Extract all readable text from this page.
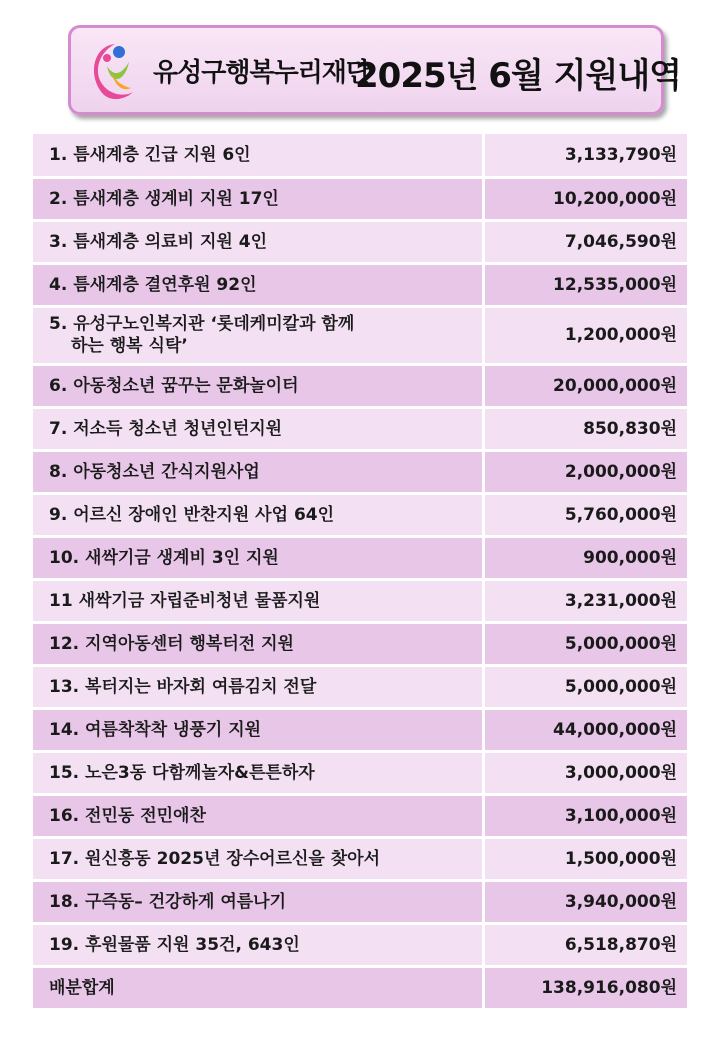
유성구행복누리재단
2025년 6월 지원내역
1. 틈새계층 긴급 지원 6인	3,133,790원
2. 틈새계층 생계비 지원 17인	10,200,000원
3. 틈새계층 의료비 지원 4인	7,046,590원
4. 틈새계층 결연후원 92인	12,535,000원

5. 유성구노인복지관 ‘롯데케미칼과 함께
하는 행복 식탁’	1,200,000원
6. 아동청소년 꿈꾸는 문화놀이터	20,000,000원
7. 저소득 청소년 청년인턴지원	850,830원
8. 아동청소년 간식지원사업	2,000,000원
9. 어르신 장애인 반찬지원 사업 64인	5,760,000원
10. 새싹기금 생계비 3인 지원	900,000원
11 새싹기금 자립준비청년 물품지원	3,231,000원
12. 지역아동센터 행복터전 지원	5,000,000원
13. 복터지는 바자회 여름김치 전달	5,000,000원
14. 여름착착착 냉풍기 지원	44,000,000원
15. 노은3동 다함께놀자&튼튼하자	3,000,000원
16. 전민동 전민애찬	3,100,000원
17. 원신흥동 2025년 장수어르신을 찾아서	1,500,000원
18. 구즉동– 건강하게 여름나기	3,940,000원
19. 후원물품 지원 35건, 643인	6,518,870원
배분합계	138,916,080원
